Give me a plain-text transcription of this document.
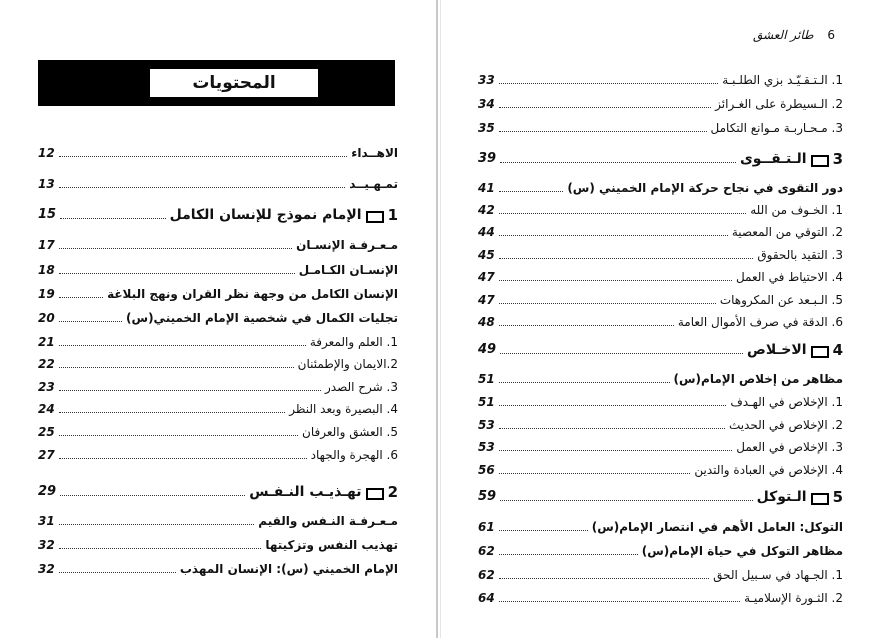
6 طائر العشق
المحتويات
الاهــداء
12
تمـهـيــد
13
1
الإمام نموذج للإنسان الكامل
15
مـعـرفـة الإنسـان
17
الإنسـان الكـامـل
18
الإنسان الكامل من وجهة نظر القران ونهج البلاغة
19
تجليات الكمال في شخصية الإمام الخميني(س)
20
1. العلم والمعرفة
21
2.الايمان والإطمئنان
22
3. شرح الصدر
23
4. البصيرة وبعد النظر
24
5. العشق والعرفان
25
6. الهجرة والجهاد
27
2
تهـذيـب النـفـس
29
مـعـرفـة النـفس والقيم
31
تهذيب النفس وتزكيتها
32
الإمام الخميني (س): الإنسان المهذب
32
1. الـتـقـيّـد بزي الطلـبـة
33
2. الـسيطرة على الغـرائز
34
3. مـحـاربـة مـوانع التكامل
35
3
الـتـقــوى
39
دور التقوى في نجاح حركة الإمام الخميني (س)
41
1. الخـوف من الله
42
2. التوقي من المعصية
44
3. التقيد بالحقوق
45
4. الاحتياط في العمل
47
5. الـبـعد عن المكروهات
47
6. الدقة في صرف الأموال العامة
48
4
الاخـلاص
49
مظاهر من إخلاص الإمام(س)
51
1. الإخلاص في الهـدف
51
2. الإخلاص في الحديث
53
3. الإخلاص في العمل
53
4. الإخلاص في العبادة والتدين
56
5
الـتوكل
59
التوكل: العامل الأهم في انتصار الإمام(س)
61
مظاهر التوكل في حياة الإمام(س)
62
1. الجـهاد في سـبيل الحق
62
2. الثـورة الإسلاميـة
64
